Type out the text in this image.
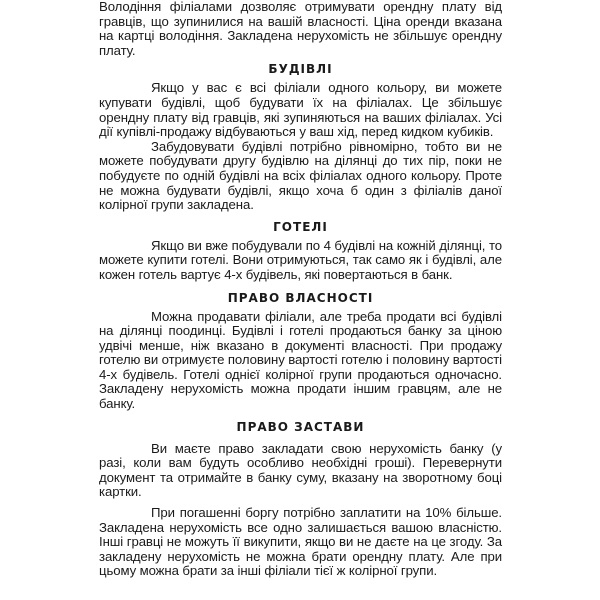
Володіння філіалами дозволяє отримувати орендну плату від гравців, що зупинилися на вашій власності. Ціна оренди вказана на картці володіння. Закладена нерухомість не збільшує орендну плату.

БУДІВЛІ

Якщо у вас є всі філіали одного кольору, ви можете купувати будівлі, щоб будувати їх на філіалах. Це збільшує орендну плату від гравців, які зупиняються на ваших філіалах. Усі дії купівлі-продажу відбуваються у ваш хід, перед кидком кубиків.

Забудовувати будівлі потрібно рівномірно, тобто ви не можете побудувати другу будівлю на ділянці до тих пір, поки не побудуєте по одній будівлі на всіх філіалах одного кольору. Проте не можна будувати будівлі, якщо хоча б один з філіалів даної колірної групи закладена.

ГОТЕЛІ

Якщо ви вже побудували по 4 будівлі на кожній ділянці, то можете купити готелі. Вони отримуються, так само як і будівлі, але кожен готель вартує 4-х будівель, які повертаються в банк.

ПРАВО ВЛАСНОСТІ

Можна продавати філіали, але треба продати всі будівлі на ділянці поодинці. Будівлі і готелі продаються банку за ціною удвічі менше, ніж вказано в документі власності. При продажу готелю ви отримуєте половину вартості готелю і половину вартості 4-х будівель. Готелі однієї колірної групи продаються одночасно. Закладену нерухомість можна продати іншим гравцям, але не банку.

ПРАВО ЗАСТАВИ

Ви маєте право закладати свою нерухомість банку (у разі, коли вам будуть особливо необхідні гроші). Перевернути документ та отримайте в банку суму, вказану на зворотному боці картки.

При погашенні боргу потрібно заплатити на 10% більше. Закладена нерухомість все одно залишається вашою власністю. Інші гравці не можуть її викупити, якщо ви не даєте на це згоду. За закладену нерухомість не можна брати орендну плату. Але при цьому можна брати за інші філіали тієї ж колірної групи.
